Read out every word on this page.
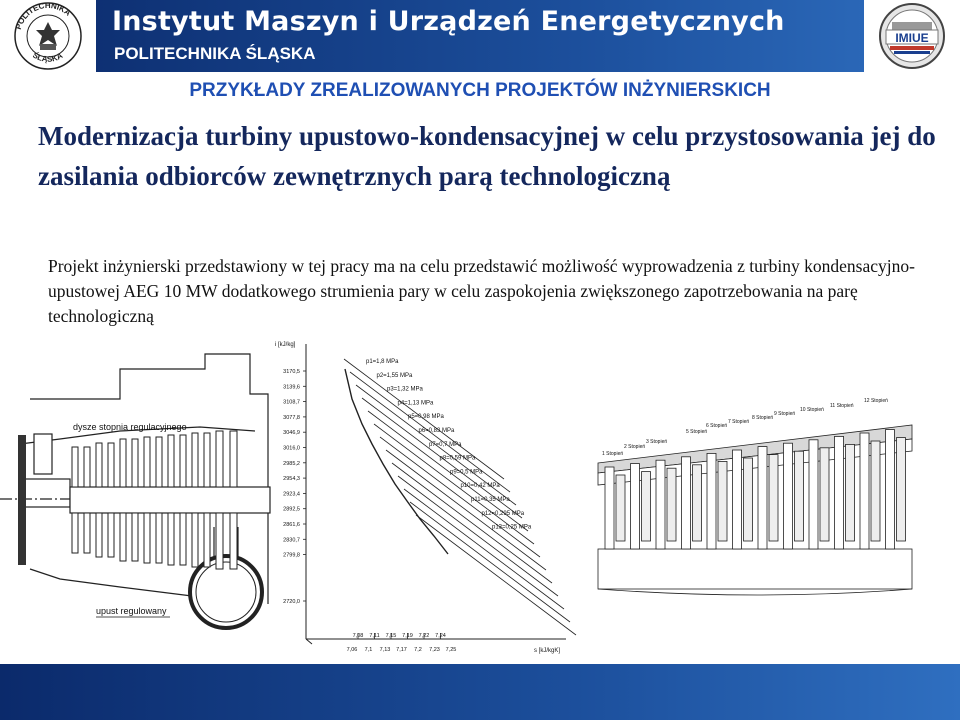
POLITECHNIKA
ŚLĄSKA
Instytut Maszyn i Urządzeń Energetycznych
POLITECHNIKA ŚLĄSKA
IMIUE
PRZYKŁADY ZREALIZOWANYCH PROJEKTÓW INŻYNIERSKICH
Modernizacja turbiny upustowo-kondensacyjnej w celu przystosowania jej do zasilania odbiorców zewnętrznych parą technologiczną
Projekt inżynierski przedstawiony w tej pracy ma na celu przedstawić możliwość wyprowadzenia z turbiny kondensacyjno-upustowej AEG 10 MW dodatkowego strumienia pary w celu zaspokojenia zwiększonego zapotrzebowania na parę technologiczną
dysze stopnia regulacyjnego
upust regulowany
i [kJ/kg]
s [kJ/kgK]
3170,5
3139,6
3108,7
3077,8
3046,9
3016,0
2985,2
2954,3
2923,4
2892,5
2861,6
2830,7
2799,8
2720,0
7,08 7,11 7,15 7,19 7,22 7,24
7,06 7,1 7,13 7,17 7,2 7,23 7,25
p1=1,8 MPa
p2=1,55 MPa
p3=1,32 MPa
p4=1,13 MPa
p5=0,98 MPa
p6=0,83 MPa
p7=0,7 MPa
p8=0,59 MPa
p9=0,5 MPa
p10=0,42 MPa
p11=0,35 MPa
p12=0,295 MPa
p13=0,25 MPa
1 Stopień
2 Stopień
3 Stopień
5 Stopień
6 Stopień
7 Stopień
8 Stopień
9 Stopień
10 Stopień
11 Stopień
12 Stopień
